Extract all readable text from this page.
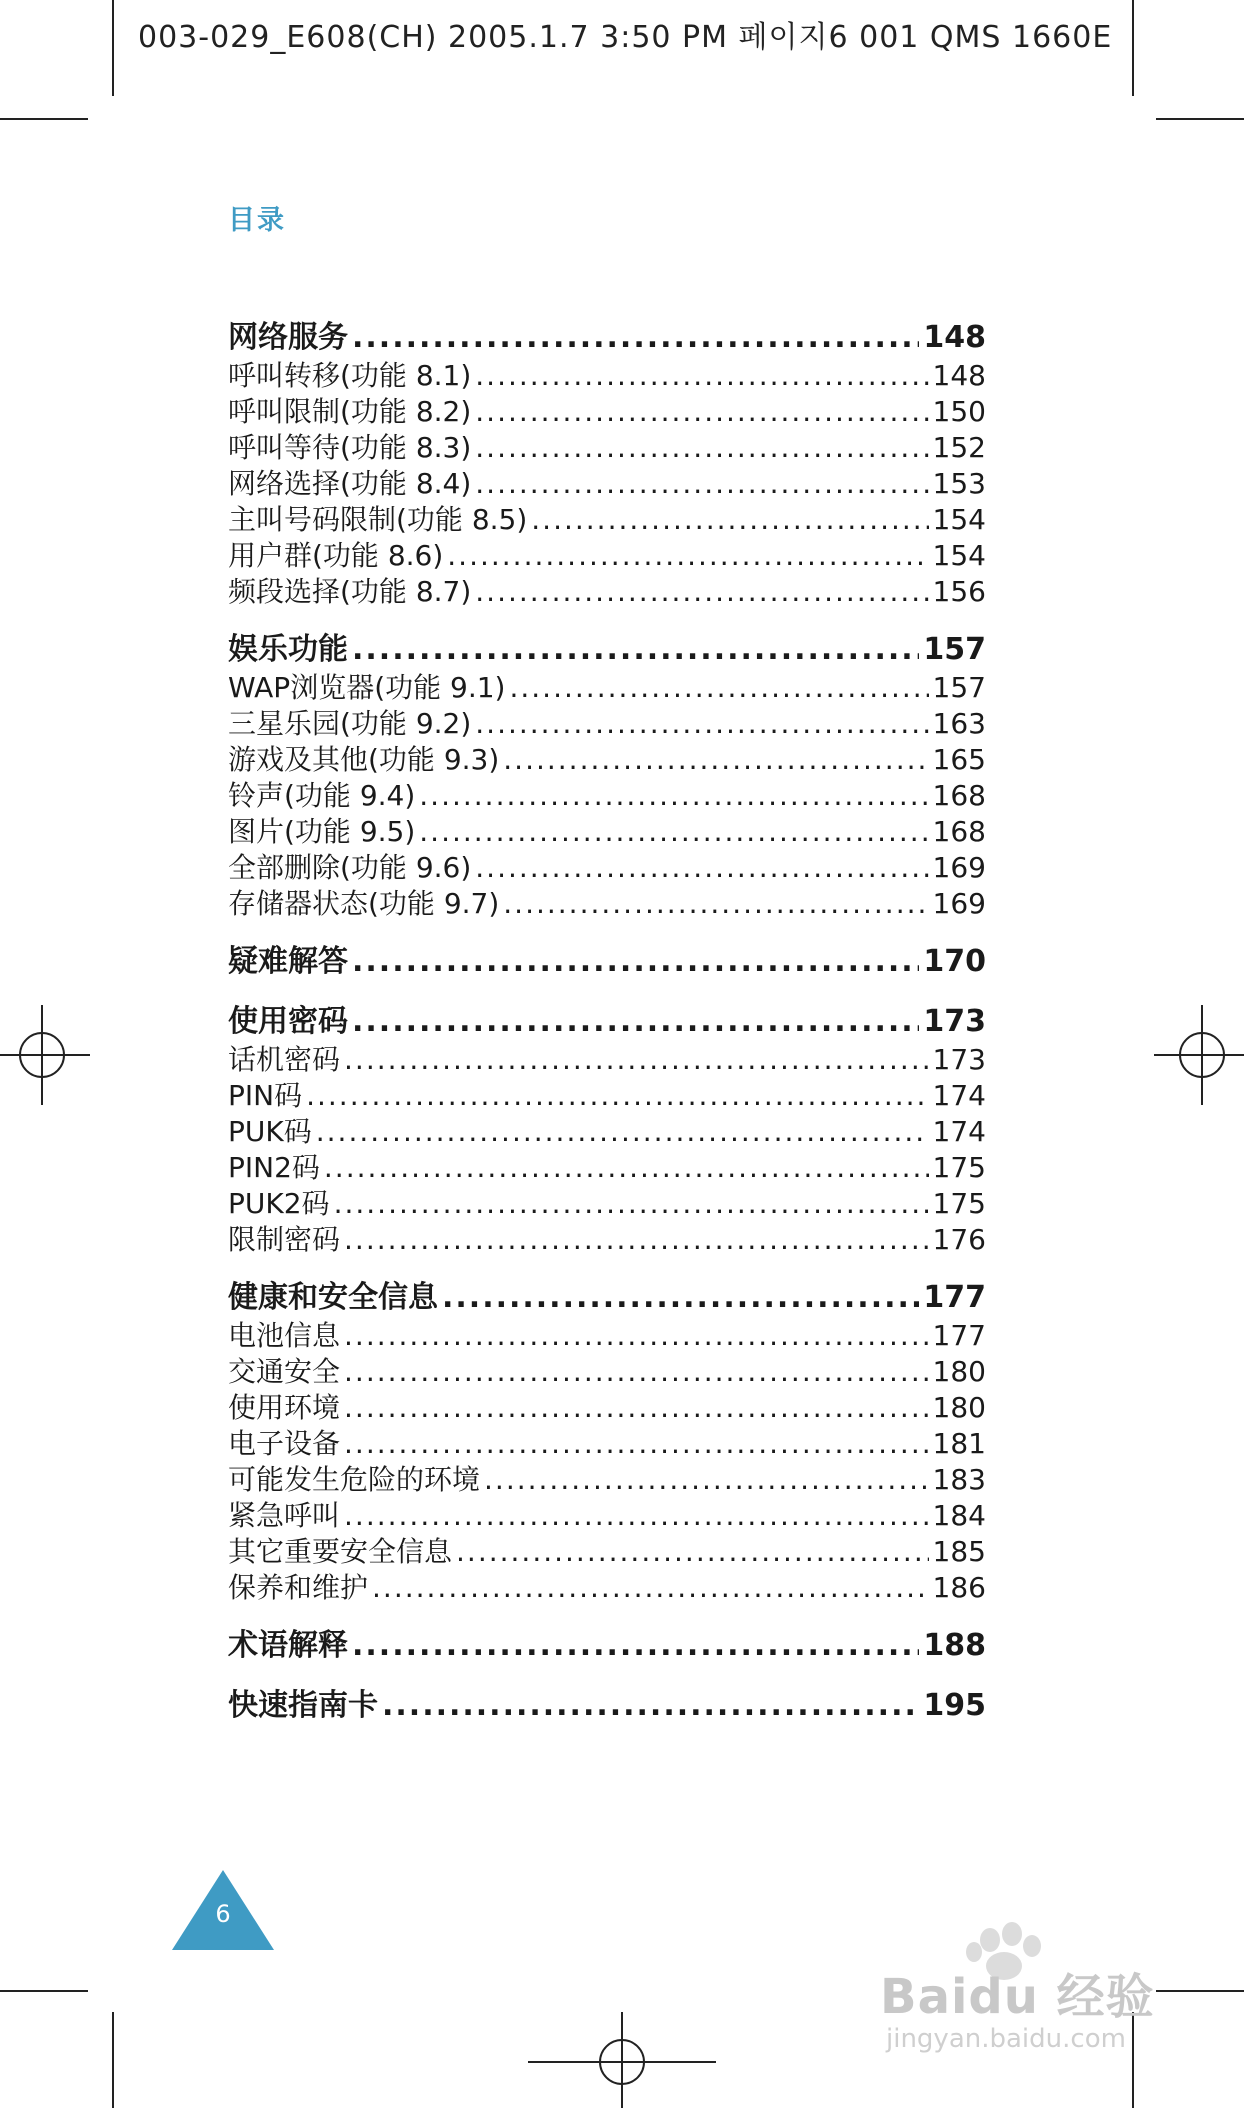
003-029_E608(CH) 2005.1.7 3:50 PM 페이지6 001 QMS 1660E
目录
网络服务 .....	148
呼叫转移(功能 8.1) .....	148
呼叫限制(功能 8.2) .....	150
呼叫等待(功能 8.3) .....	152
网络选择(功能 8.4) .....	153
主叫号码限制(功能 8.5) .....	154
用户群(功能 8.6) .....	154
频段选择(功能 8.7) .....	156
娱乐功能 .....	157
WAP浏览器(功能 9.1) .....	157
三星乐园(功能 9.2) .....	163
游戏及其他(功能 9.3) .....	165
铃声(功能 9.4) .....	168
图片(功能 9.5) .....	168
全部删除(功能 9.6) .....	169
存储器状态(功能 9.7) .....	169
疑难解答 .....	170
使用密码 .....	173
话机密码 .....	173
PIN码 .....	174
PUK码 .....	174
PIN2码 .....	175
PUK2码 .....	175
限制密码 .....	176
健康和安全信息 .....	177
电池信息 .....	177
交通安全 .....	180
使用环境 .....	180
电子设备 .....	181
可能发生危险的环境 .....	183
紧急呼叫 .....	184
其它重要安全信息 .....	185
保养和维护 .....	186
术语解释 .....	188
快速指南卡 .....	195
6
Baidu 经验
jingyan.baidu.com
